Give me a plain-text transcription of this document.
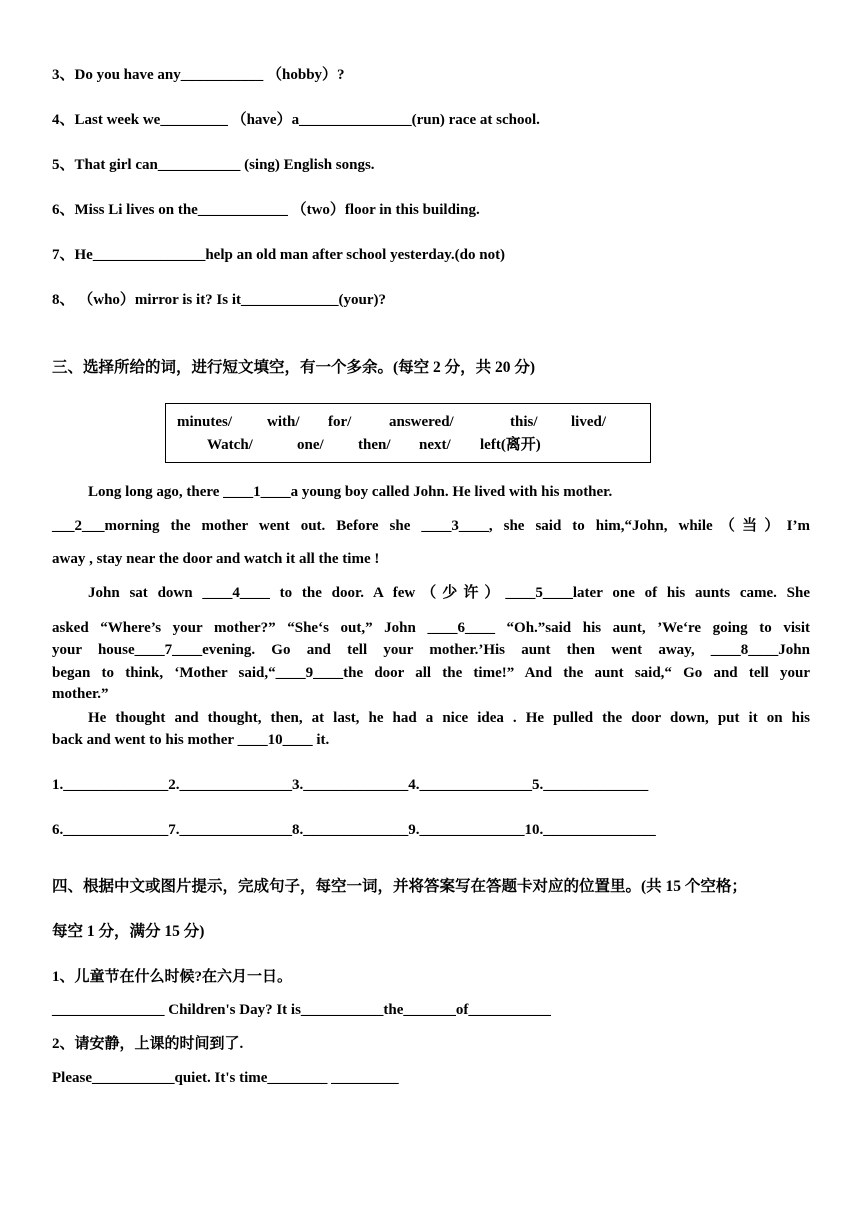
3、Do you have any___________ （hobby）?
4、Last week we_________ （have）a_______________(run) race at school.
5、That girl can___________ (sing) English songs.
6、Miss Li lives on the____________ （two）floor in this building.
7、He_______________help an old man after school yesterday.(do not)
8、 （who）mirror is it? Is it_____________(your)?
三、选择所给的词，进行短文填空，有一个多余。(每空 2 分，共 20 分)
minutes/ with/ for/	answered/	this/ lived/
Watch/	one/ then/ next/ left(离开)
Long long ago, there ____1____a young boy called John. He lived with his mother.
___2___morning the mother went out. Before she ____3____, she said to him,“John, while（当）I’m
away , stay near the door and watch it all the time !
John sat down ____4____ to the door. A few（少许）____5____later one of his aunts came. She
asked “Where’s your mother?” “She‘s out,” John ____6____ “Oh.”said his aunt, ’We‘re going to visit
your house____7____evening. Go and tell your mother.’His aunt then went away, ____8____John
began to think, ‘Mother said,“____9____the door all the time!” And the aunt said,“ Go and tell your
mother.”
He thought and thought, then, at last, he had a nice idea . He pulled the door down, put it on his
back and went to his mother ____10____ it.
1.______________2._______________3.______________4._______________5.______________
6.______________7._______________8.______________9.______________10._______________
四、根据中文或图片提示，完成句子，每空一词，并将答案写在答题卡对应的位置里。(共 15 个空格；
每空 1 分，满分 15 分)
1、儿童节在什么时候?在六月一日。
_______________ Children's Day? It is___________the_______of___________
2、请安静，上课的时间到了.
Please___________quiet. It's time________ _________
